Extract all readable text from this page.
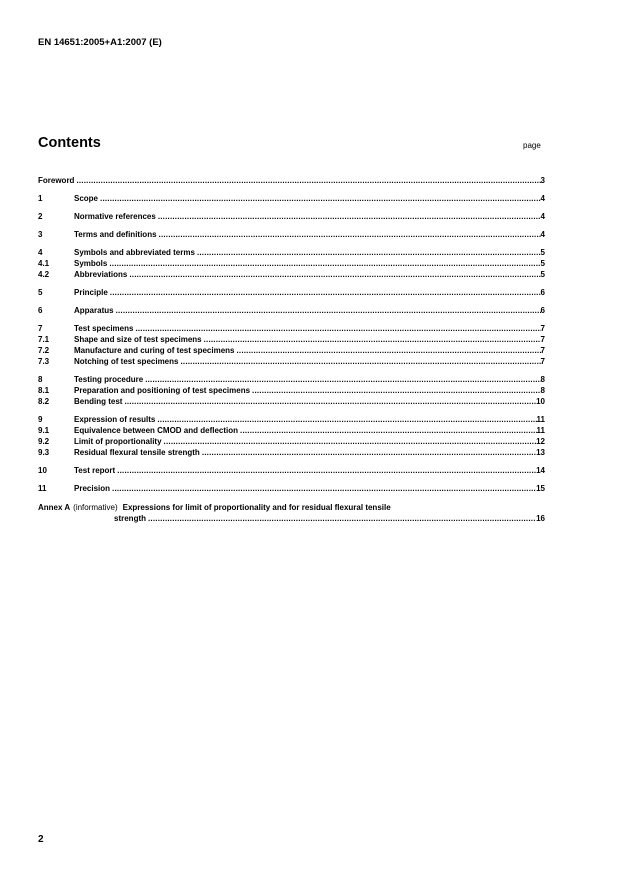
EN 14651:2005+A1:2007 (E)
Contents	page
Foreword .....	3
1	Scope .....	4
2	Normative references .....	4
3	Terms and definitions .....	4
4	Symbols and abbreviated terms .....	5
4.1	Symbols .....	5
4.2	Abbreviations .....	5
5	Principle .....	6
6	Apparatus .....	6
7	Test specimens .....	7
7.1	Shape and size of test specimens .....	7
7.2	Manufacture and curing of test specimens .....	7
7.3	Notching of test specimens .....	7
8	Testing procedure .....	8
8.1	Preparation and positioning of test specimens .....	8
8.2	Bending test .....	10
9	Expression of results .....	11
9.1	Equivalence between CMOD and deflection .....	11
9.2	Limit of proportionality .....	12
9.3	Residual flexural tensile strength .....	13
10	Test report .....	14
11	Precision .....	15
Annex A (informative) Expressions for limit of proportionality and for residual flexural tensile
strength .....	16
2
